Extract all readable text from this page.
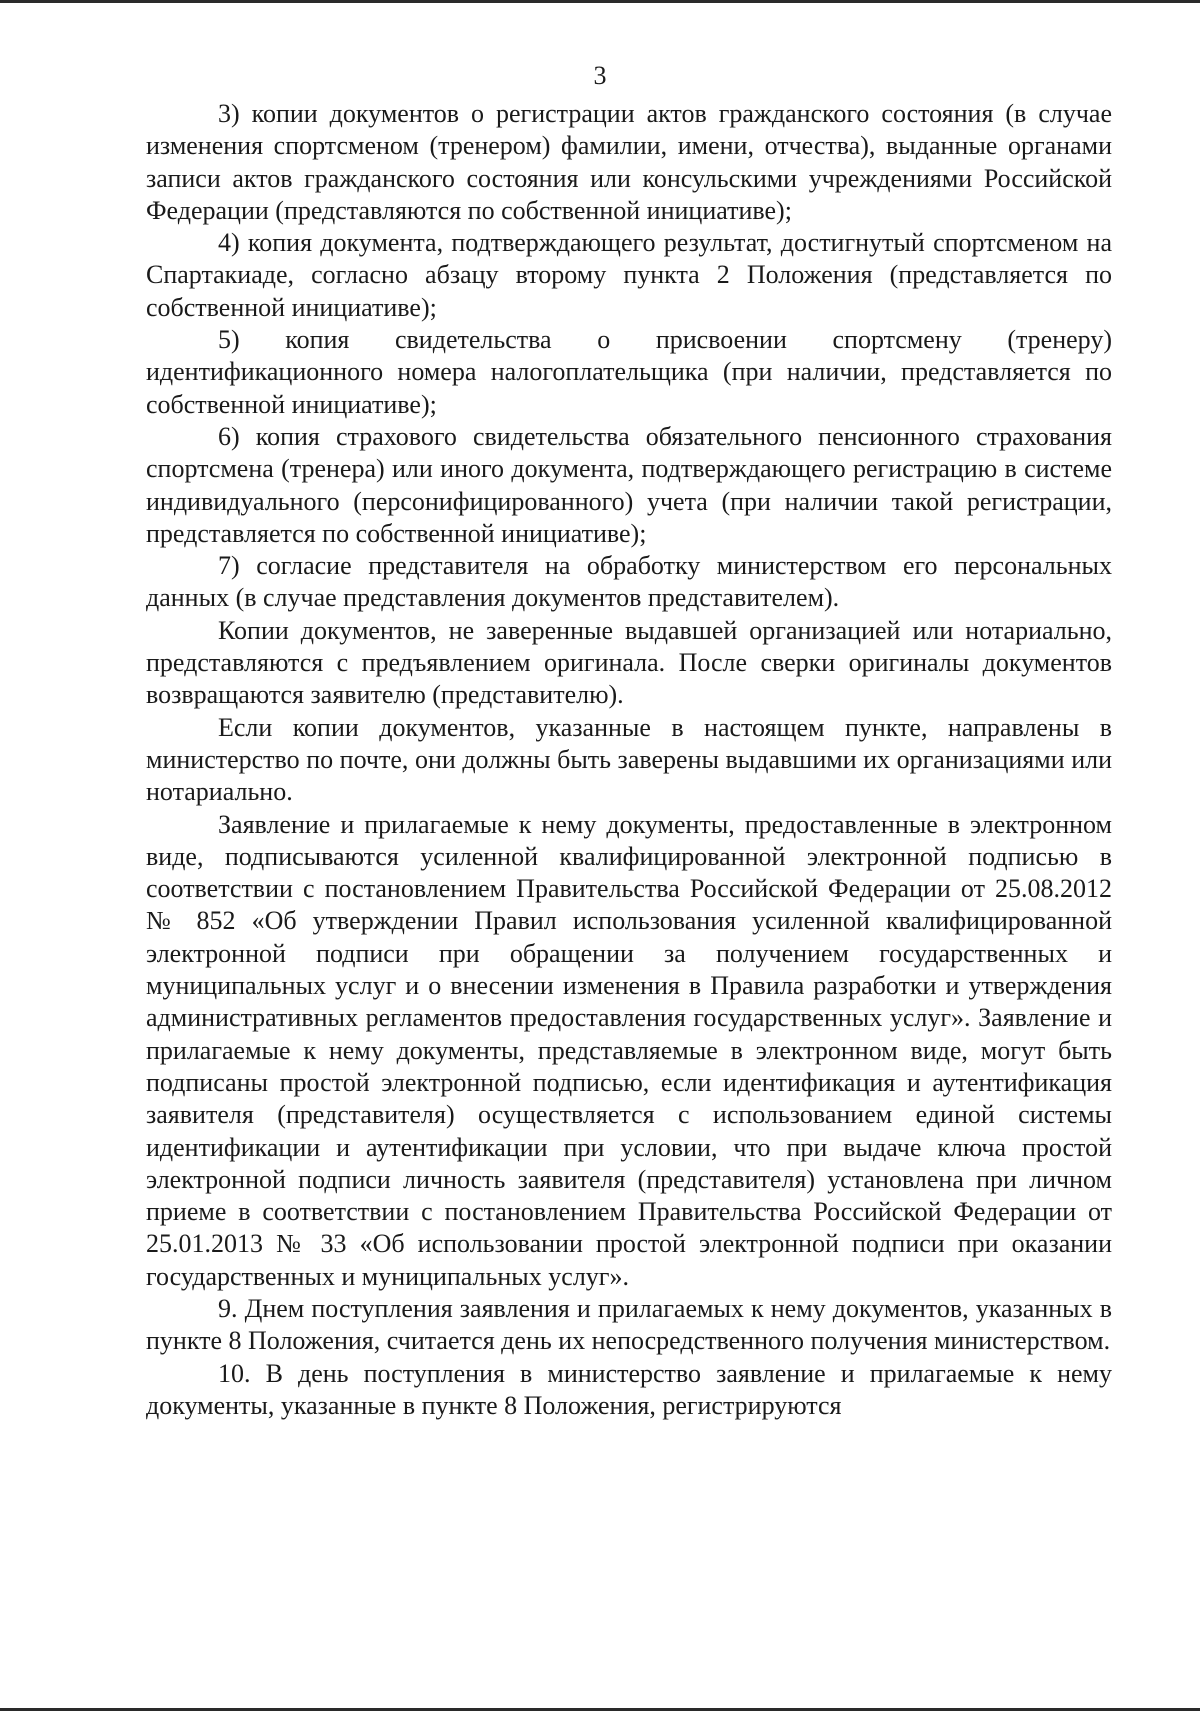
3

3) копии документов о регистрации актов гражданского состояния (в случае изменения спортсменом (тренером) фамилии, имени, отчества), выданные органами записи актов гражданского состояния или консульскими учреждениями Российской Федерации (представляются по собственной инициативе);

4) копия документа, подтверждающего результат, достигнутый спортсменом на Спартакиаде, согласно абзацу второму пункта 2 Положения (представляется по собственной инициативе);

5) копия свидетельства о присвоении спортсмену (тренеру) идентификационного номера налогоплательщика (при наличии, представляется по собственной инициативе);

6) копия страхового свидетельства обязательного пенсионного страхования спортсмена (тренера) или иного документа, подтверждающего регистрацию в системе индивидуального (персонифицированного) учета (при наличии такой регистрации, представляется по собственной инициативе);

7) согласие представителя на обработку министерством его персональных данных (в случае представления документов представителем).

Копии документов, не заверенные выдавшей организацией или нотариально, представляются с предъявлением оригинала. После сверки оригиналы документов возвращаются заявителю (представителю).

Если копии документов, указанные в настоящем пункте, направлены в министерство по почте, они должны быть заверены выдавшими их организациями или нотариально.

Заявление и прилагаемые к нему документы, предоставленные в электронном виде, подписываются усиленной квалифицированной электронной подписью в соответствии с постановлением Правительства Российской Федерации от 25.08.2012 № 852 «Об утверждении Правил использования усиленной квалифицированной электронной подписи при обращении за получением государственных и муниципальных услуг и о внесении изменения в Правила разработки и утверждения административных регламентов предоставления государственных услуг». Заявление и прилагаемые к нему документы, представляемые в электронном виде, могут быть подписаны простой электронной подписью, если идентификация и аутентификация заявителя (представителя) осуществляется с использованием единой системы идентификации и аутентификации при условии, что при выдаче ключа простой электронной подписи личность заявителя (представителя) установлена при личном приеме в соответствии с постановлением Правительства Российской Федерации от 25.01.2013 № 33 «Об использовании простой электронной подписи при оказании государственных и муниципальных услуг».

9. Днем поступления заявления и прилагаемых к нему документов, указанных в пункте 8 Положения, считается день их непосредственного получения министерством.

10. В день поступления в министерство заявление и прилагаемые к нему документы, указанные в пункте 8 Положения, регистрируются
